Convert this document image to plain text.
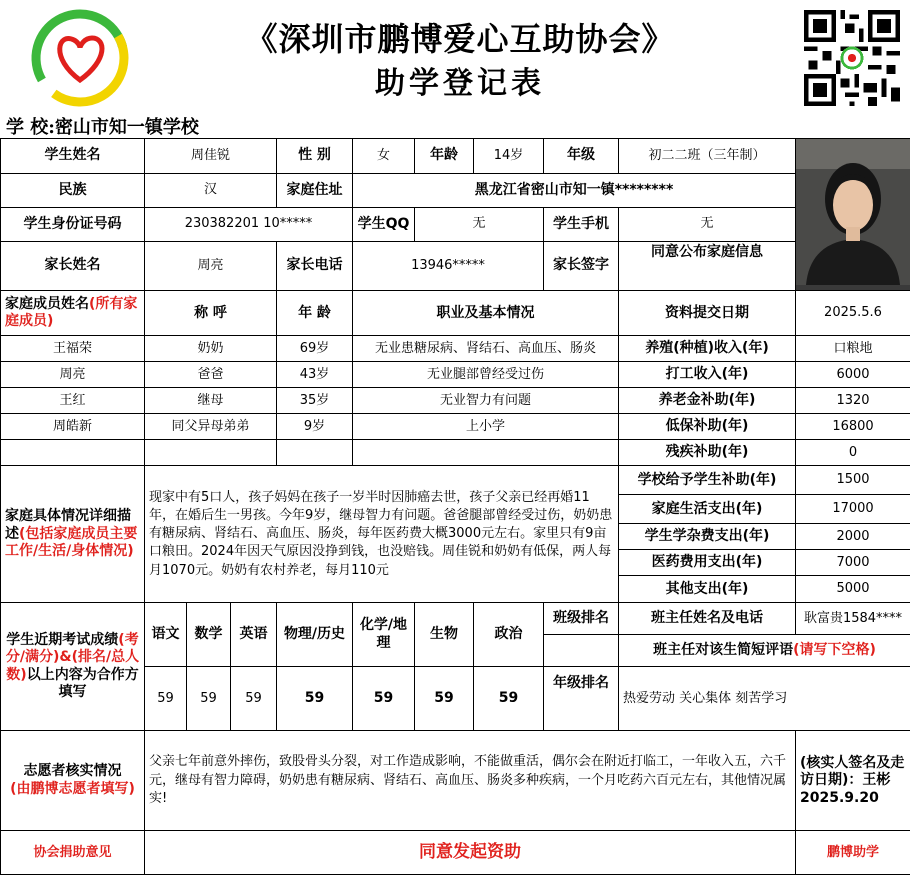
《深圳市鹏博爱心互助协会》
助学登记表
学 校:密山市知一镇学校
学生姓名	周佳锐			性 别	女	年龄	14岁	年级	初二二班（三年制）	
民族	汉			家庭住址	黑龙江省密山市知一镇********					
学生身份证号码	230382201 10*****				学生QQ	无		学生手机	无	
家长姓名	周亮			家长电话	13946*****			家长签字	同意公布家庭信息	
家庭成员姓名(所有家庭成员)	称 呼			年 龄	职业及基本情况				资料提交日期	2025.5.6
王福荣	奶奶			69岁	无业患糖尿病、肾结石、高血压、肠炎				养殖(种植)收入(年)	口粮地
周亮	爸爸			43岁	无业腿部曾经受过伤				打工收入(年)	6000
王红	继母			35岁	无业智力有问题				养老金补助(年)	1320
周皓新	同父异母弟弟			9岁	上小学				低保补助(年)	16800
									残疾补助(年)	0
家庭具体情况详细描述(包括家庭成员主要工作/生活/身体情况)	现家中有5口人，孩子妈妈在孩子一岁半时因肺癌去世，孩子父亲已经再婚11年，在婚后生一男孩。今年9岁，继母智力有问题。爸爸腿部曾经受过伤，奶奶患有糖尿病、肾结石、高血压、肠炎，每年医药费大概3000元左右。家里只有9亩口粮田。2024年因天气原因没挣到钱，也没赔钱。周佳锐和奶奶有低保，两人每月1070元。奶奶有农村养老，每月110元								学校给予学生补助(年)	1500
									家庭生活支出(年)	17000
									学生学杂费支出(年)	2000
									医药费用支出(年)	7000
									其他支出(年)	5000
学生近期考试成绩(考分/满分)&(排名/总人数)以上内容为合作方填写	语文	数学	英语	物理/历史	化学/地理	生物	政治	班级排名	班主任姓名及电话	耿富贵1584****
									班主任对该生简短评语(请写下空格)	
	59	59	59	59	59	59	59	年级排名	热爱劳动 关心集体 刻苦学习	
志愿者核实情况
(由鹏博志愿者填写)	父亲七年前意外摔伤，致股骨头分裂，对工作造成影响，不能做重活，偶尔会在附近打临工，一年收入五，六千元，继母有智力障碍，奶奶患有糖尿病、肾结石、高血压、肠炎多种疾病，一个月吃药六百元左右，其他情况属实!									(核实人签名及走访日期)：王彬2025.9.20
协会捐助意见	同意发起资助									鹏博助学
